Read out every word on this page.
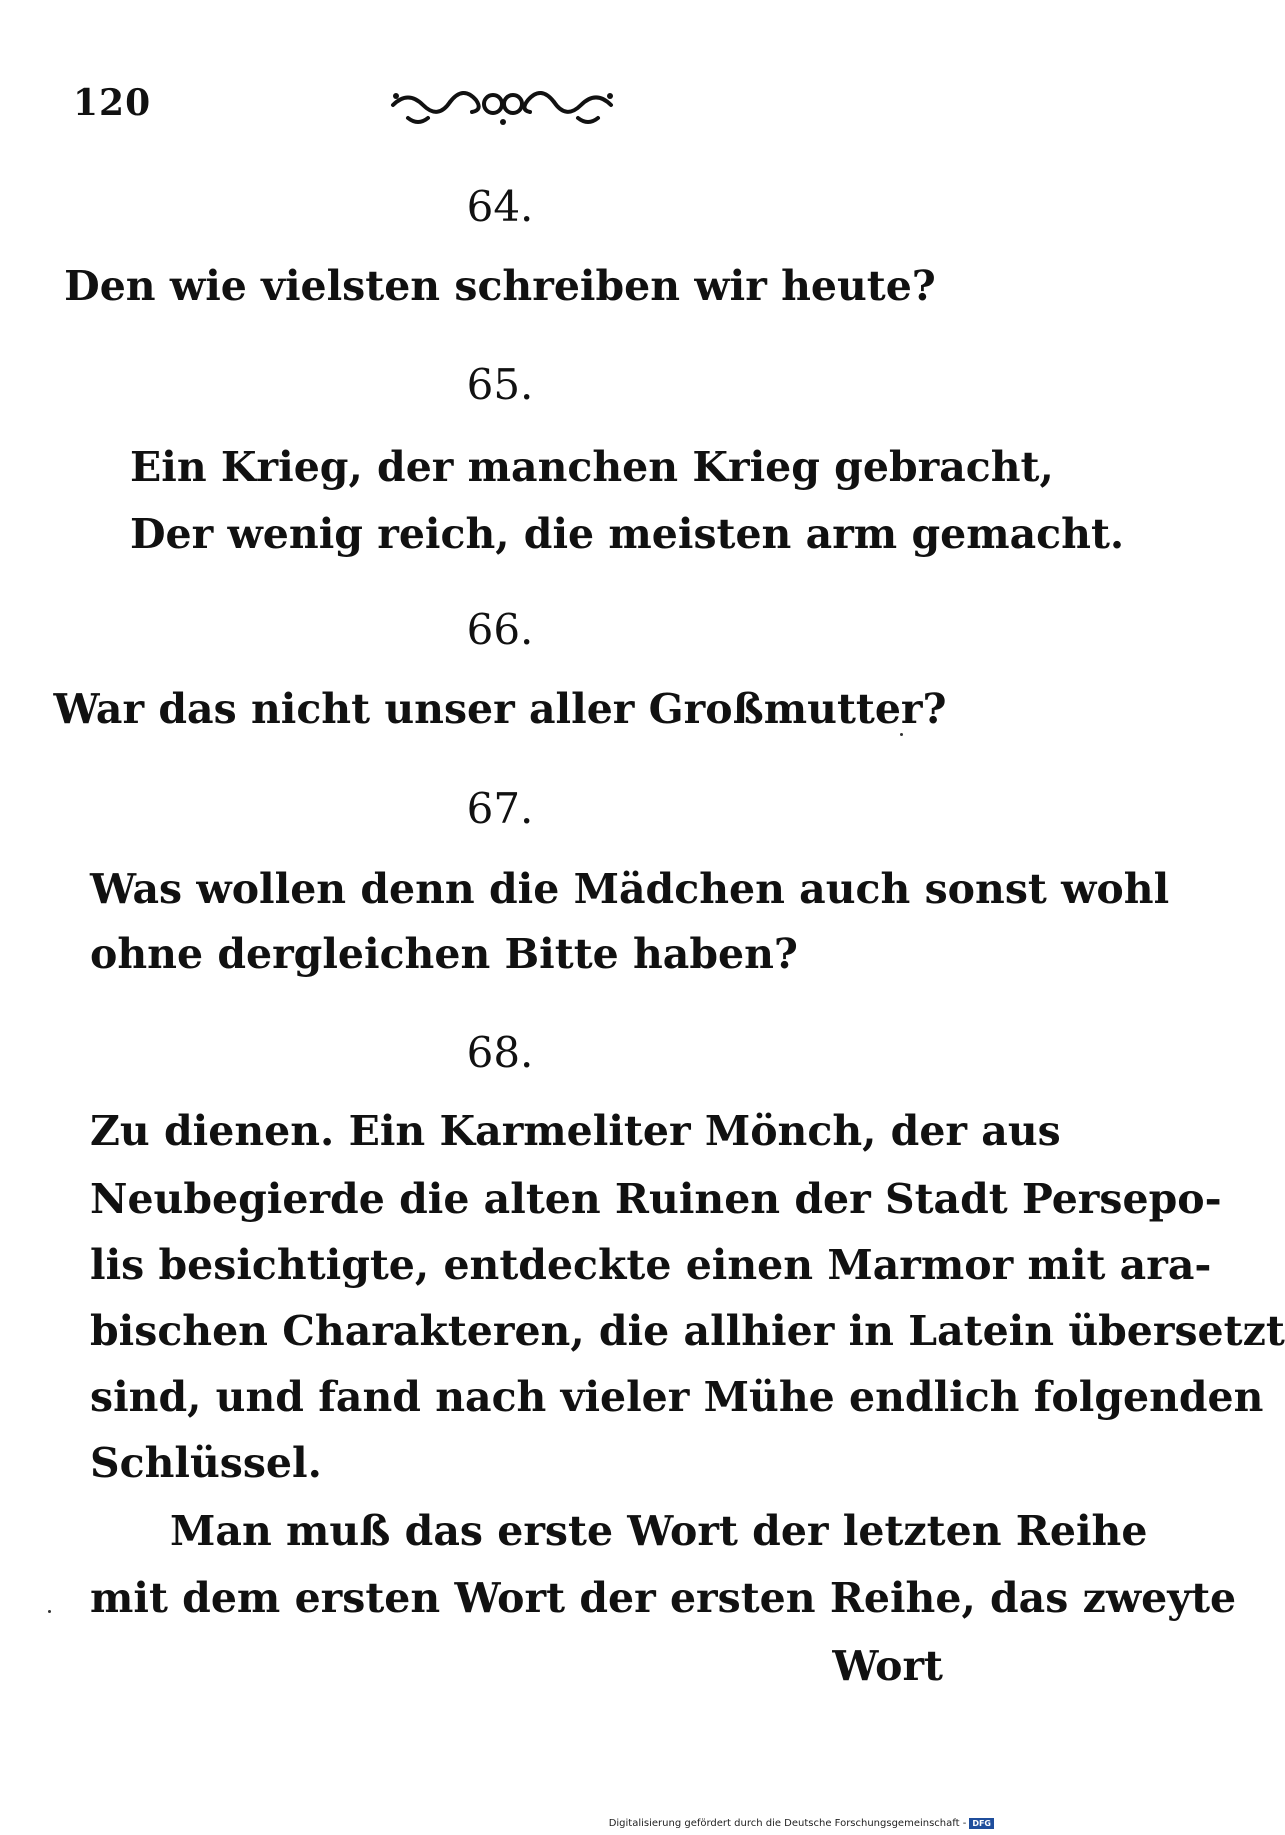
120
64.
Den wie vielsten schreiben wir heute?
65.
Ein Krieg, der manchen Krieg gebracht,
Der wenig reich, die meisten arm gemacht.
66.
War das nicht unser aller Großmutter?
67.
Was wollen denn die Mädchen auch sonst wohl
ohne dergleichen Bitte haben?
68.
Zu dienen. Ein Karmeliter Mönch, der aus
Neubegierde die alten Ruinen der Stadt Persepo-
lis besichtigte, entdeckte einen Marmor mit ara-
bischen Charakteren, die allhier in Latein übersetzt
sind, und fand nach vieler Mühe endlich folgenden
Schlüssel.
Man muß das erste Wort der letzten Reihe
mit dem ersten Wort der ersten Reihe, das zweyte
Wort
Digitalisierung gefördert durch die Deutsche Forschungsgemeinschaft - DFG
